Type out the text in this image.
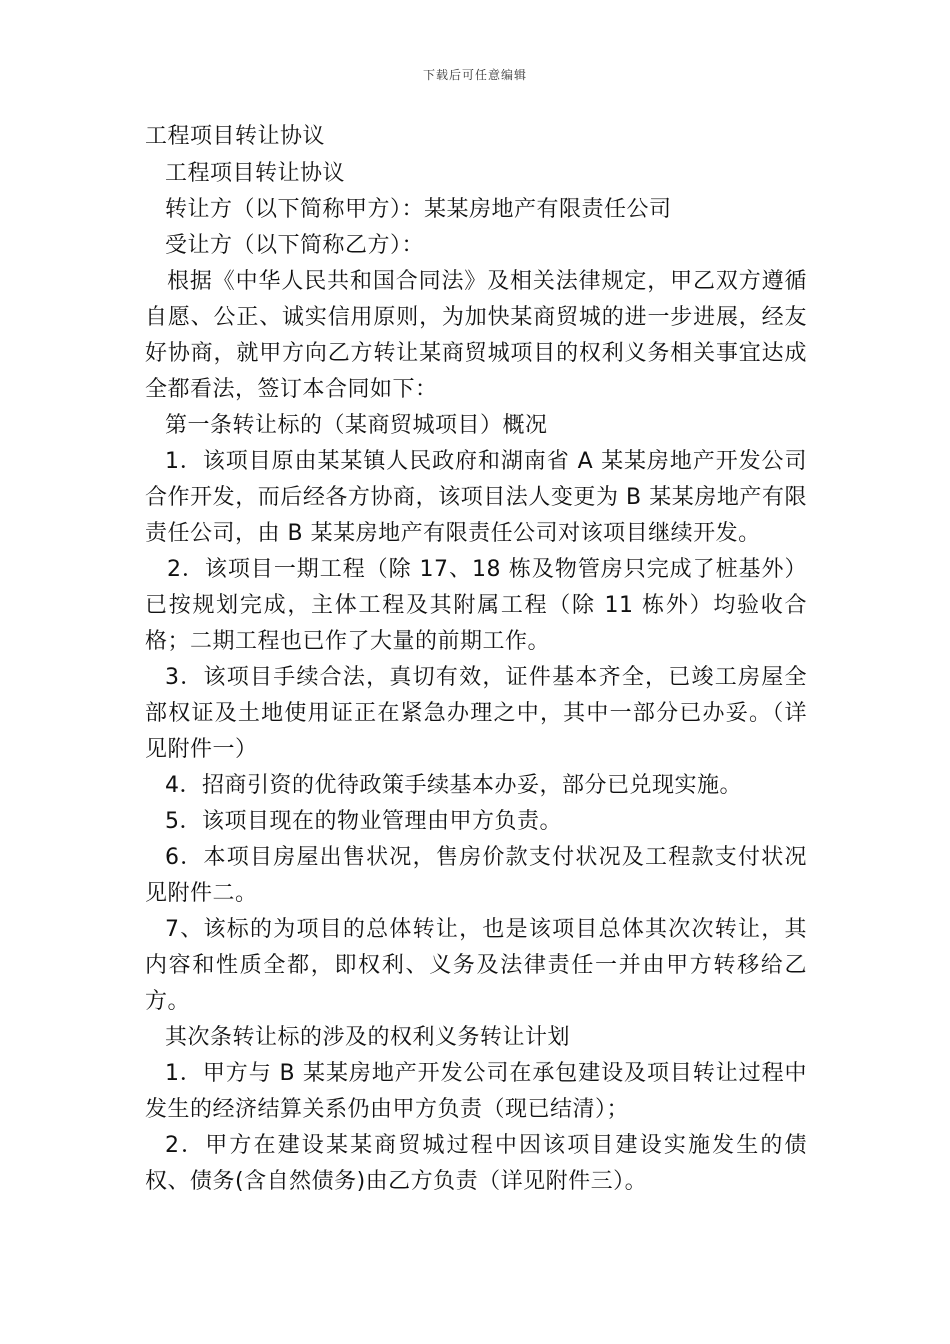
下载后可任意编辑

工程项目转让协议

工程项目转让协议

转让方（以下简称甲方）：某某房地产有限责任公司

受让方（以下简称乙方）：

根据《中华人民共和国合同法》及相关法律规定，甲乙双方遵循自愿、公正、诚实信用原则，为加快某商贸城的进一步进展，经友好协商，就甲方向乙方转让某商贸城项目的权利义务相关事宜达成全都看法，签订本合同如下：

第一条转让标的（某商贸城项目）概况

1．该项目原由某某镇人民政府和湖南省 A 某某房地产开发公司合作开发，而后经各方协商，该项目法人变更为 B 某某房地产有限责任公司，由 B 某某房地产有限责任公司对该项目继续开发。

2．该项目一期工程（除 17、18 栋及物管房只完成了桩基外）已按规划完成，主体工程及其附属工程（除 11 栋外）均验收合格；二期工程也已作了大量的前期工作。

3．该项目手续合法，真切有效，证件基本齐全，已竣工房屋全部权证及土地使用证正在紧急办理之中，其中一部分已办妥。（详见附件一）

4．招商引资的优待政策手续基本办妥，部分已兑现实施。

5．该项目现在的物业管理由甲方负责。

6．本项目房屋出售状况，售房价款支付状况及工程款支付状况见附件二。

7、该标的为项目的总体转让，也是该项目总体其次次转让，其内容和性质全都，即权利、义务及法律责任一并由甲方转移给乙方。

其次条转让标的涉及的权利义务转让计划

1．甲方与 B 某某房地产开发公司在承包建设及项目转让过程中发生的经济结算关系仍由甲方负责（现已结清）；

2．甲方在建设某某商贸城过程中因该项目建设实施发生的债权、债务(含自然债务)由乙方负责（详见附件三）。
